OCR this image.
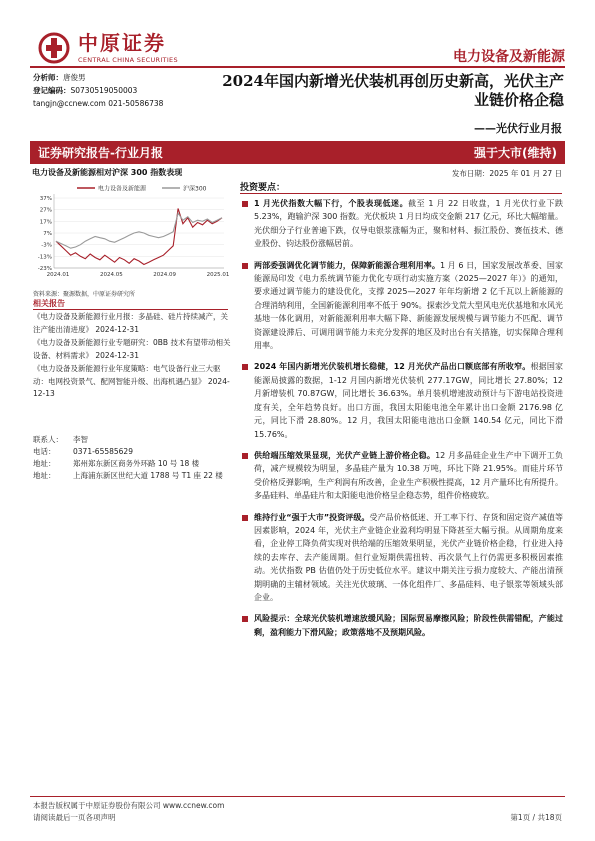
中原证券
CENTRAL CHINA SECURITIES	电力设备及新能源
分析师：唐俊男
登记编码：S0730519050003
tangjn@ccnew.com 021-50586738
2024年国内新增光伏装机再创历史新高，光伏主产业链价格企稳
——光伏行业月报
证券研究报告-行业月报	强于大市(维持)
电力设备及新能源相对沪深 300 指数表现
电力设备及新能源	沪深300
37%
27%
17%
7%
-3%
-13%
-23%
2024.01	2024.05	2024.09	2025.01
资料来源：聚源数据，中原证券研究所
相关报告
《电力设备及新能源行业月报：多晶硅、硅片持续减产，关注产能出清进度》 2024-12-31
《电力设备及新能源行业专题研究：0BB 技术有望带动相关设备、材料需求》 2024-12-31
《电力设备及新能源行业年度策略：电气设备行业三大驱动：电网投资景气、配网智能升级、出海机遇凸显》 2024-12-13
联系人：	李智
电话：	0371-65585629
地址：	郑州郑东新区商务外环路 10 号 18 楼
地址：	上海浦东新区世纪大道 1788 号 T1 座 22 楼
发布日期：2025 年 01 月 27 日
投资要点：
1 月光伏指数大幅下行，个股表现低迷。截至 1 月 22 日收盘，1 月光伏行业下跌 5.23%，跑输沪深 300 指数。光伏板块 1 月日均成交金额 217 亿元，环比大幅缩量。光伏细分子行业普遍下跌，仅导电银浆涨幅为正，聚和材料、振江股份、赛伍技术、德业股份、钧达股份涨幅居前。
两部委强调优化调节能力，保障新能源合理利用率。1 月 6 日，国家发展改革委、国家能源局印发《电力系统调节能力优化专项行动实施方案（2025—2027 年）》的通知，要求通过调节能力的建设优化，支撑 2025—2027 年年均新增 2 亿千瓦以上新能源的合理消纳利用，全国新能源利用率不低于 90%。探索沙戈荒大型风电光伏基地和水风光基地一体化调用，对新能源利用率大幅下降、新能源发展规模与调节能力不匹配、调节资源建设滞后、可调用调节能力未充分发挥的地区及时出台有关措施，切实保障合理利用率。
2024 年国内新增光伏装机增长稳健，12 月光伏产品出口额底部有所收窄。根据国家能源局披露的数据，1-12 月国内新增光伏装机 277.17GW，同比增长 27.80%；12 月新增装机 70.87GW，同比增长 36.63%。单月装机增速波动预计与下游电站投资进度有关，全年趋势良好。出口方面，我国太阳能电池全年累计出口金额 2176.98 亿元，同比下滑 28.80%。12 月，我国太阳能电池出口金额 140.54 亿元，同比下滑 15.76%。
供给端压缩效果显现，光伏产业链上游价格企稳。12 月多晶硅企业生产中下调开工负荷，减产规模较为明显，多晶硅产量为 10.38 万吨，环比下降 21.95%。而硅片环节受价格反弹影响，生产利润有所改善，企业生产积极性提高，12 月产量环比有所提升。多晶硅料、单晶硅片和太阳能电池价格呈企稳态势，组件价格疲软。
维持行业“强于大市”投资评级。受产品价格低迷、开工率下行、存货和固定资产减值等因素影响，2024 年，光伏主产业链企业盈利均明显下降甚至大幅亏损。从周期角度来看，企业停工降负荷实现对供给端的压缩效果明显，光伏产业链价格企稳，行业进入持续的去库存、去产能周期。但行业短期供需扭转、再次景气上行仍需更多积极因素推动。光伏指数 PB 估值仍处于历史低位水平。建议中期关注亏损力度较大、产能出清预期明确的主辅材领域。关注光伏玻璃、一体化组件厂、多晶硅料、电子银浆等领域头部企业。
风险提示：全球光伏装机增速放缓风险；国际贸易摩擦风险；阶段性供需错配，产能过剩，盈利能力下滑风险；政策落地不及预期风险。
本报告版权属于中原证券股份有限公司 www.ccnew.com
请阅读最后一页各项声明	第1页 / 共18页
